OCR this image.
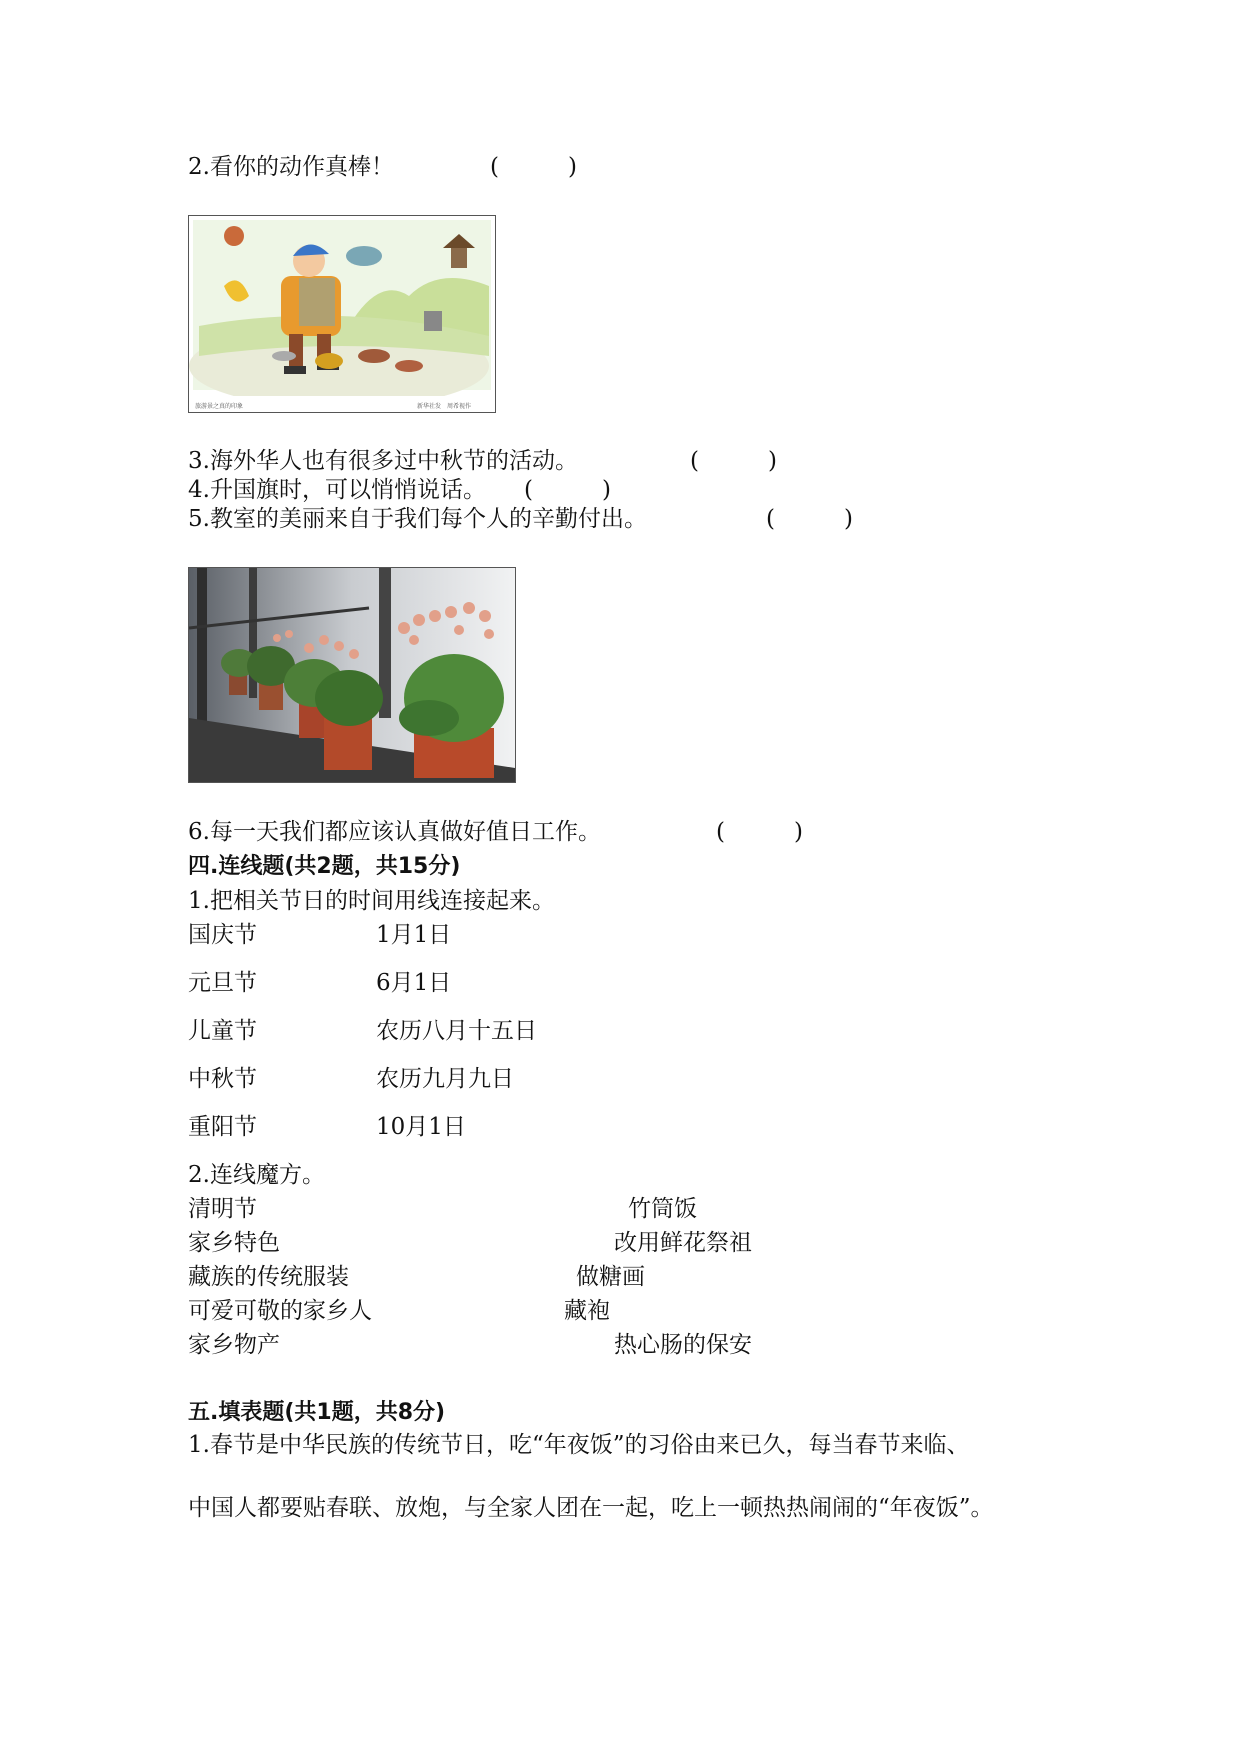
2.看你的动作真棒！	(　　　)
旅游景之真的印象	新华社发　周希视作
3.海外华人也有很多过中秋节的活动。	(　　　)
4.升国旗时，可以悄悄说话。 (　　　)
5.教室的美丽来自于我们每个人的辛勤付出。	(　　　)
6.每一天我们都应该认真做好值日工作。	(　　　)
四.连线题(共2题，共15分)
1.把相关节日的时间用线连接起来。
国庆节	1月1日
元旦节	6月1日
儿童节	农历八月十五日
中秋节	农历九月九日
重阳节	10月1日
2.连线魔方。
清明节	竹筒饭
家乡特色	改用鲜花祭祖
藏族的传统服装	做糖画
可爱可敬的家乡人	藏袍
家乡物产	热心肠的保安
五.填表题(共1题，共8分)
1.春节是中华民族的传统节日，吃“年夜饭”的习俗由来已久，每当春节来临、
中国人都要贴春联、放炮，与全家人团在一起，吃上一顿热热闹闹的“年夜饭”。
